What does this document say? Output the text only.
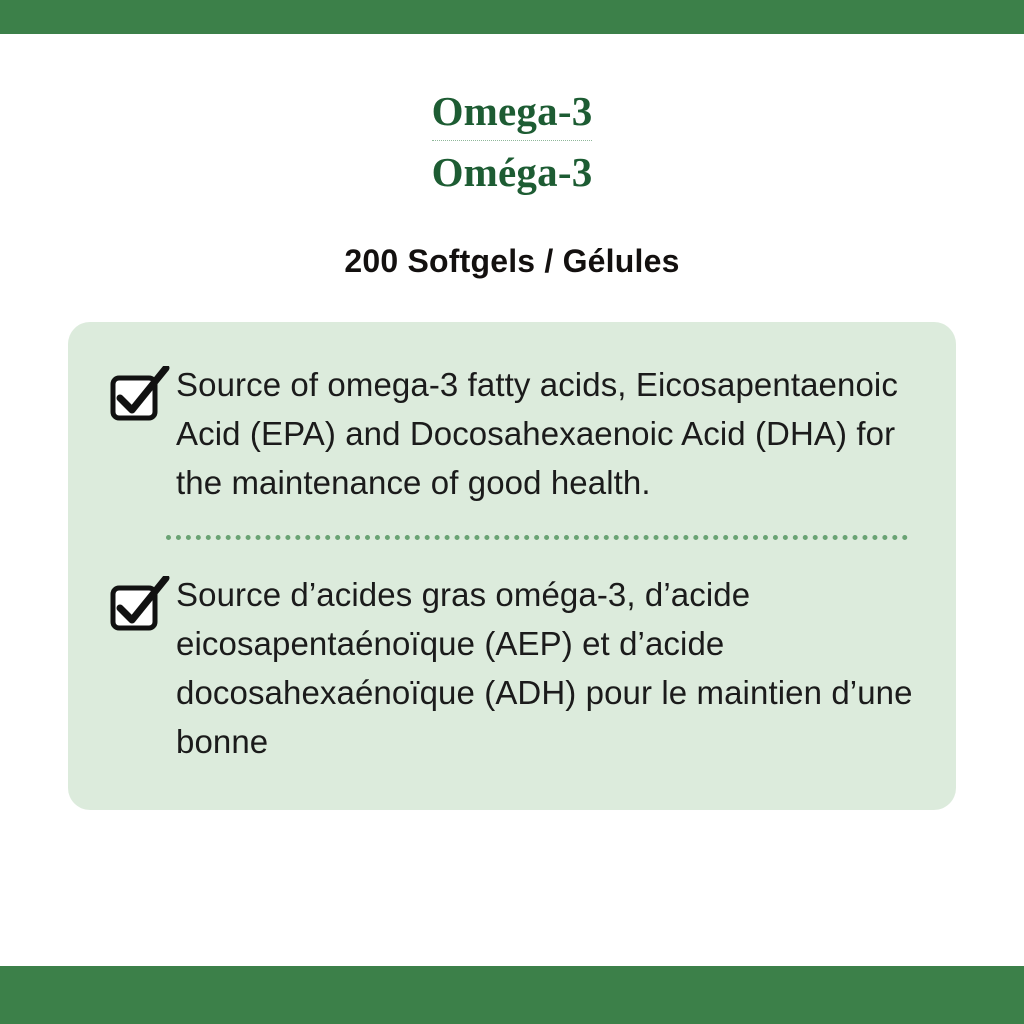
Omega-3
Oméga-3
200 Softgels / Gélules
Source of omega-3 fatty acids, Eicosapentaenoic Acid (EPA) and Docosahexaenoic Acid (DHA) for the maintenance of good health.
Source d’acides gras oméga-3, d’acide eicosapentaénoïque (AEP) et d’acide docosahexaénoïque (ADH) pour le maintien d’une bonne
